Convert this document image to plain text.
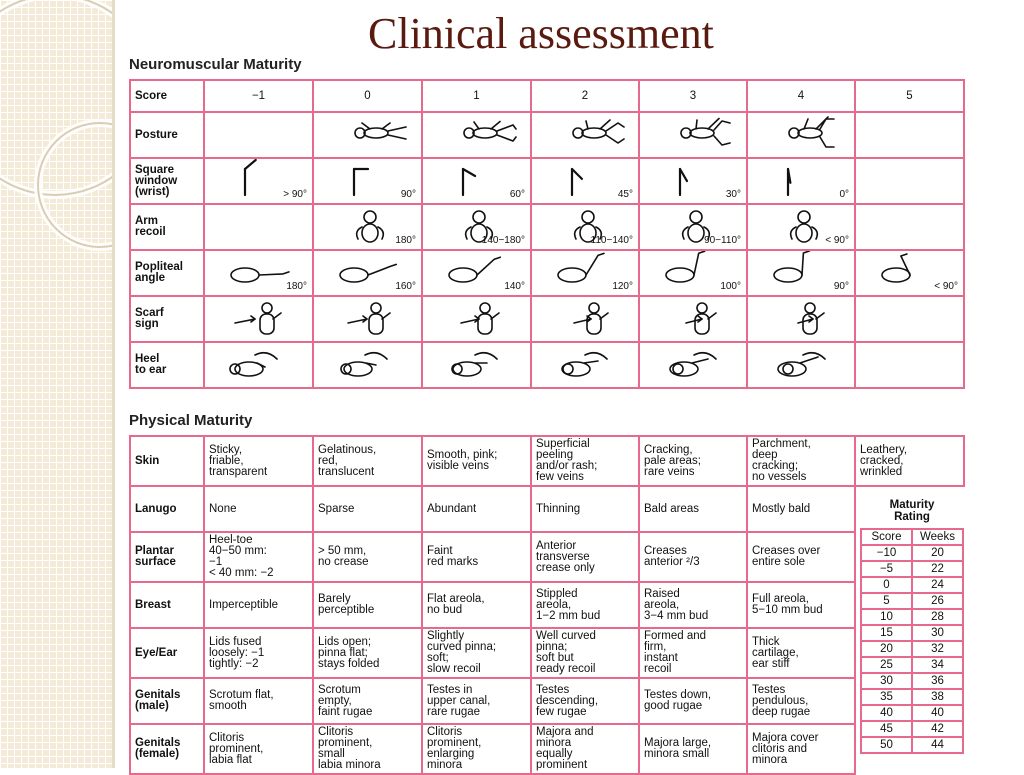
Clinical assessment
Neuromuscular Maturity
Score	−1	0	1	2	3	4	5
Posture	

Square
window
(wrist)	> 90°	90°	60°	45°	30°	0°

Arm
recoil		180°	140−180°	110−140°	90−110°	< 90°

Popliteal
angle	180°	160°	140°	120°	100°	90°	< 90°

Scarf
sign	

Heel
to ear	

Physical Maturity
Skin	Sticky,
friable,
transparent	Gelatinous,
red,
translucent	Smooth, pink;
visible veins	Superficial
peeling
and/or rash;
few veins	Cracking,
pale areas;
rare veins	Parchment,
deep
cracking;
no vessels	Leathery,
cracked,
wrinkled
Lanugo	None	Sparse	Abundant	Thinning	Bald areas	Mostly bald	
Plantar
surface	Heel-toe
40−50 mm:
−1
< 40 mm: −2	> 50 mm,
no crease	Faint
red marks	Anterior
transverse
crease only	Creases
anterior ²/3	Creases over
entire sole	
Breast	Imperceptible	Barely
perceptible	Flat areola,
no bud	Stippled
areola,
1−2 mm bud	Raised
areola,
3−4 mm bud	Full areola,
5−10 mm bud	
Eye/Ear	Lids fused
loosely: −1
tightly: −2	Lids open;
pinna flat;
stays folded	Slightly
curved pinna;
soft;
slow recoil	Well curved
pinna;
soft but
ready recoil	Formed and
firm,
instant
recoil	Thick
cartilage,
ear stiff	
Genitals
(male)	Scrotum flat,
smooth	Scrotum
empty,
faint rugae	Testes in
upper canal,
rare rugae	Testes
descending,
few rugae	Testes down,
good rugae	Testes
pendulous,
deep rugae	
Genitals
(female)	Clitoris
prominent,
labia flat	Clitoris
prominent,
small
labia minora	Clitoris
prominent,
enlarging
minora	Majora and
minora
equally
prominent	Majora large,
minora small	Majora cover
clitoris and
minora	
Maturity
Rating
Score	Weeks
−10	20
−5	22
0	24
5	26
10	28
15	30
20	32
25	34
30	36
35	38
40	40
45	42
50	44
